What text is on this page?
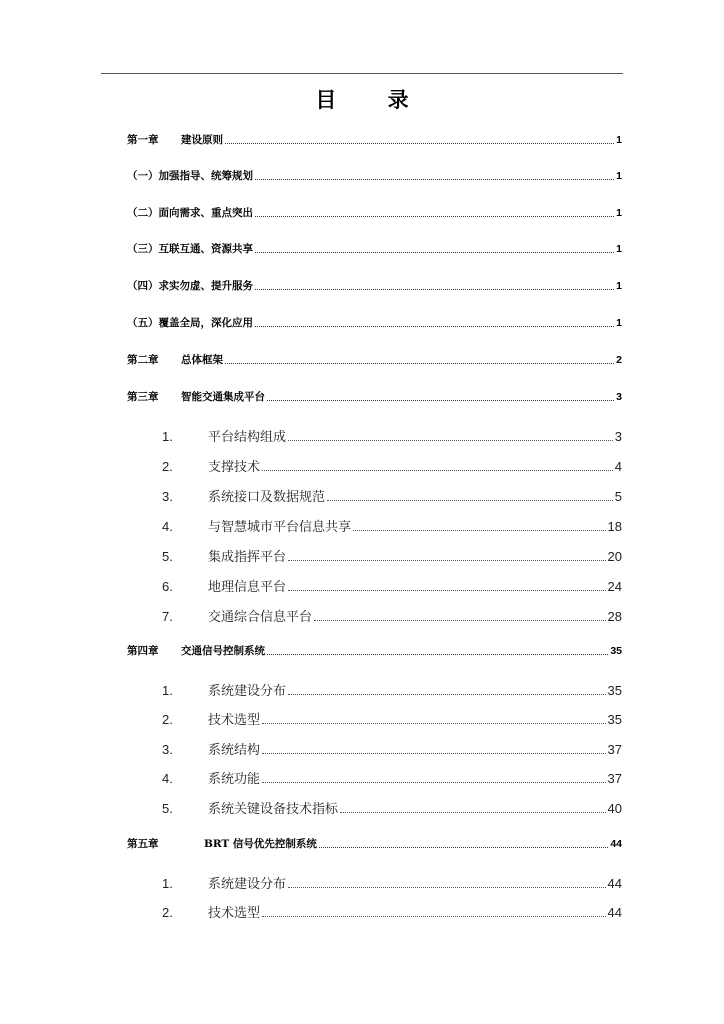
目 录
第一章	建设原则	1
（一）加强指导、统筹规划	1
（二）面向需求、重点突出	1
（三）互联互通、资源共享	1
（四）求实勿虚、提升服务	1
（五）覆盖全局，深化应用	1
第二章	总体框架	2
第三章	智能交通集成平台	3
1.	平台结构组成	3
2.	支撑技术	4
3.	系统接口及数据规范	5
4.	与智慧城市平台信息共享	18
5.	集成指挥平台	20
6.	地理信息平台	24
7.	交通综合信息平台	28
第四章	交通信号控制系统	35
1.	系统建设分布	35
2.	技术选型	35
3.	系统结构	37
4.	系统功能	37
5.	系统关键设备技术指标	40
第五章	BRT 信号优先控制系统	44
1.	系统建设分布	44
2.	技术选型	44
